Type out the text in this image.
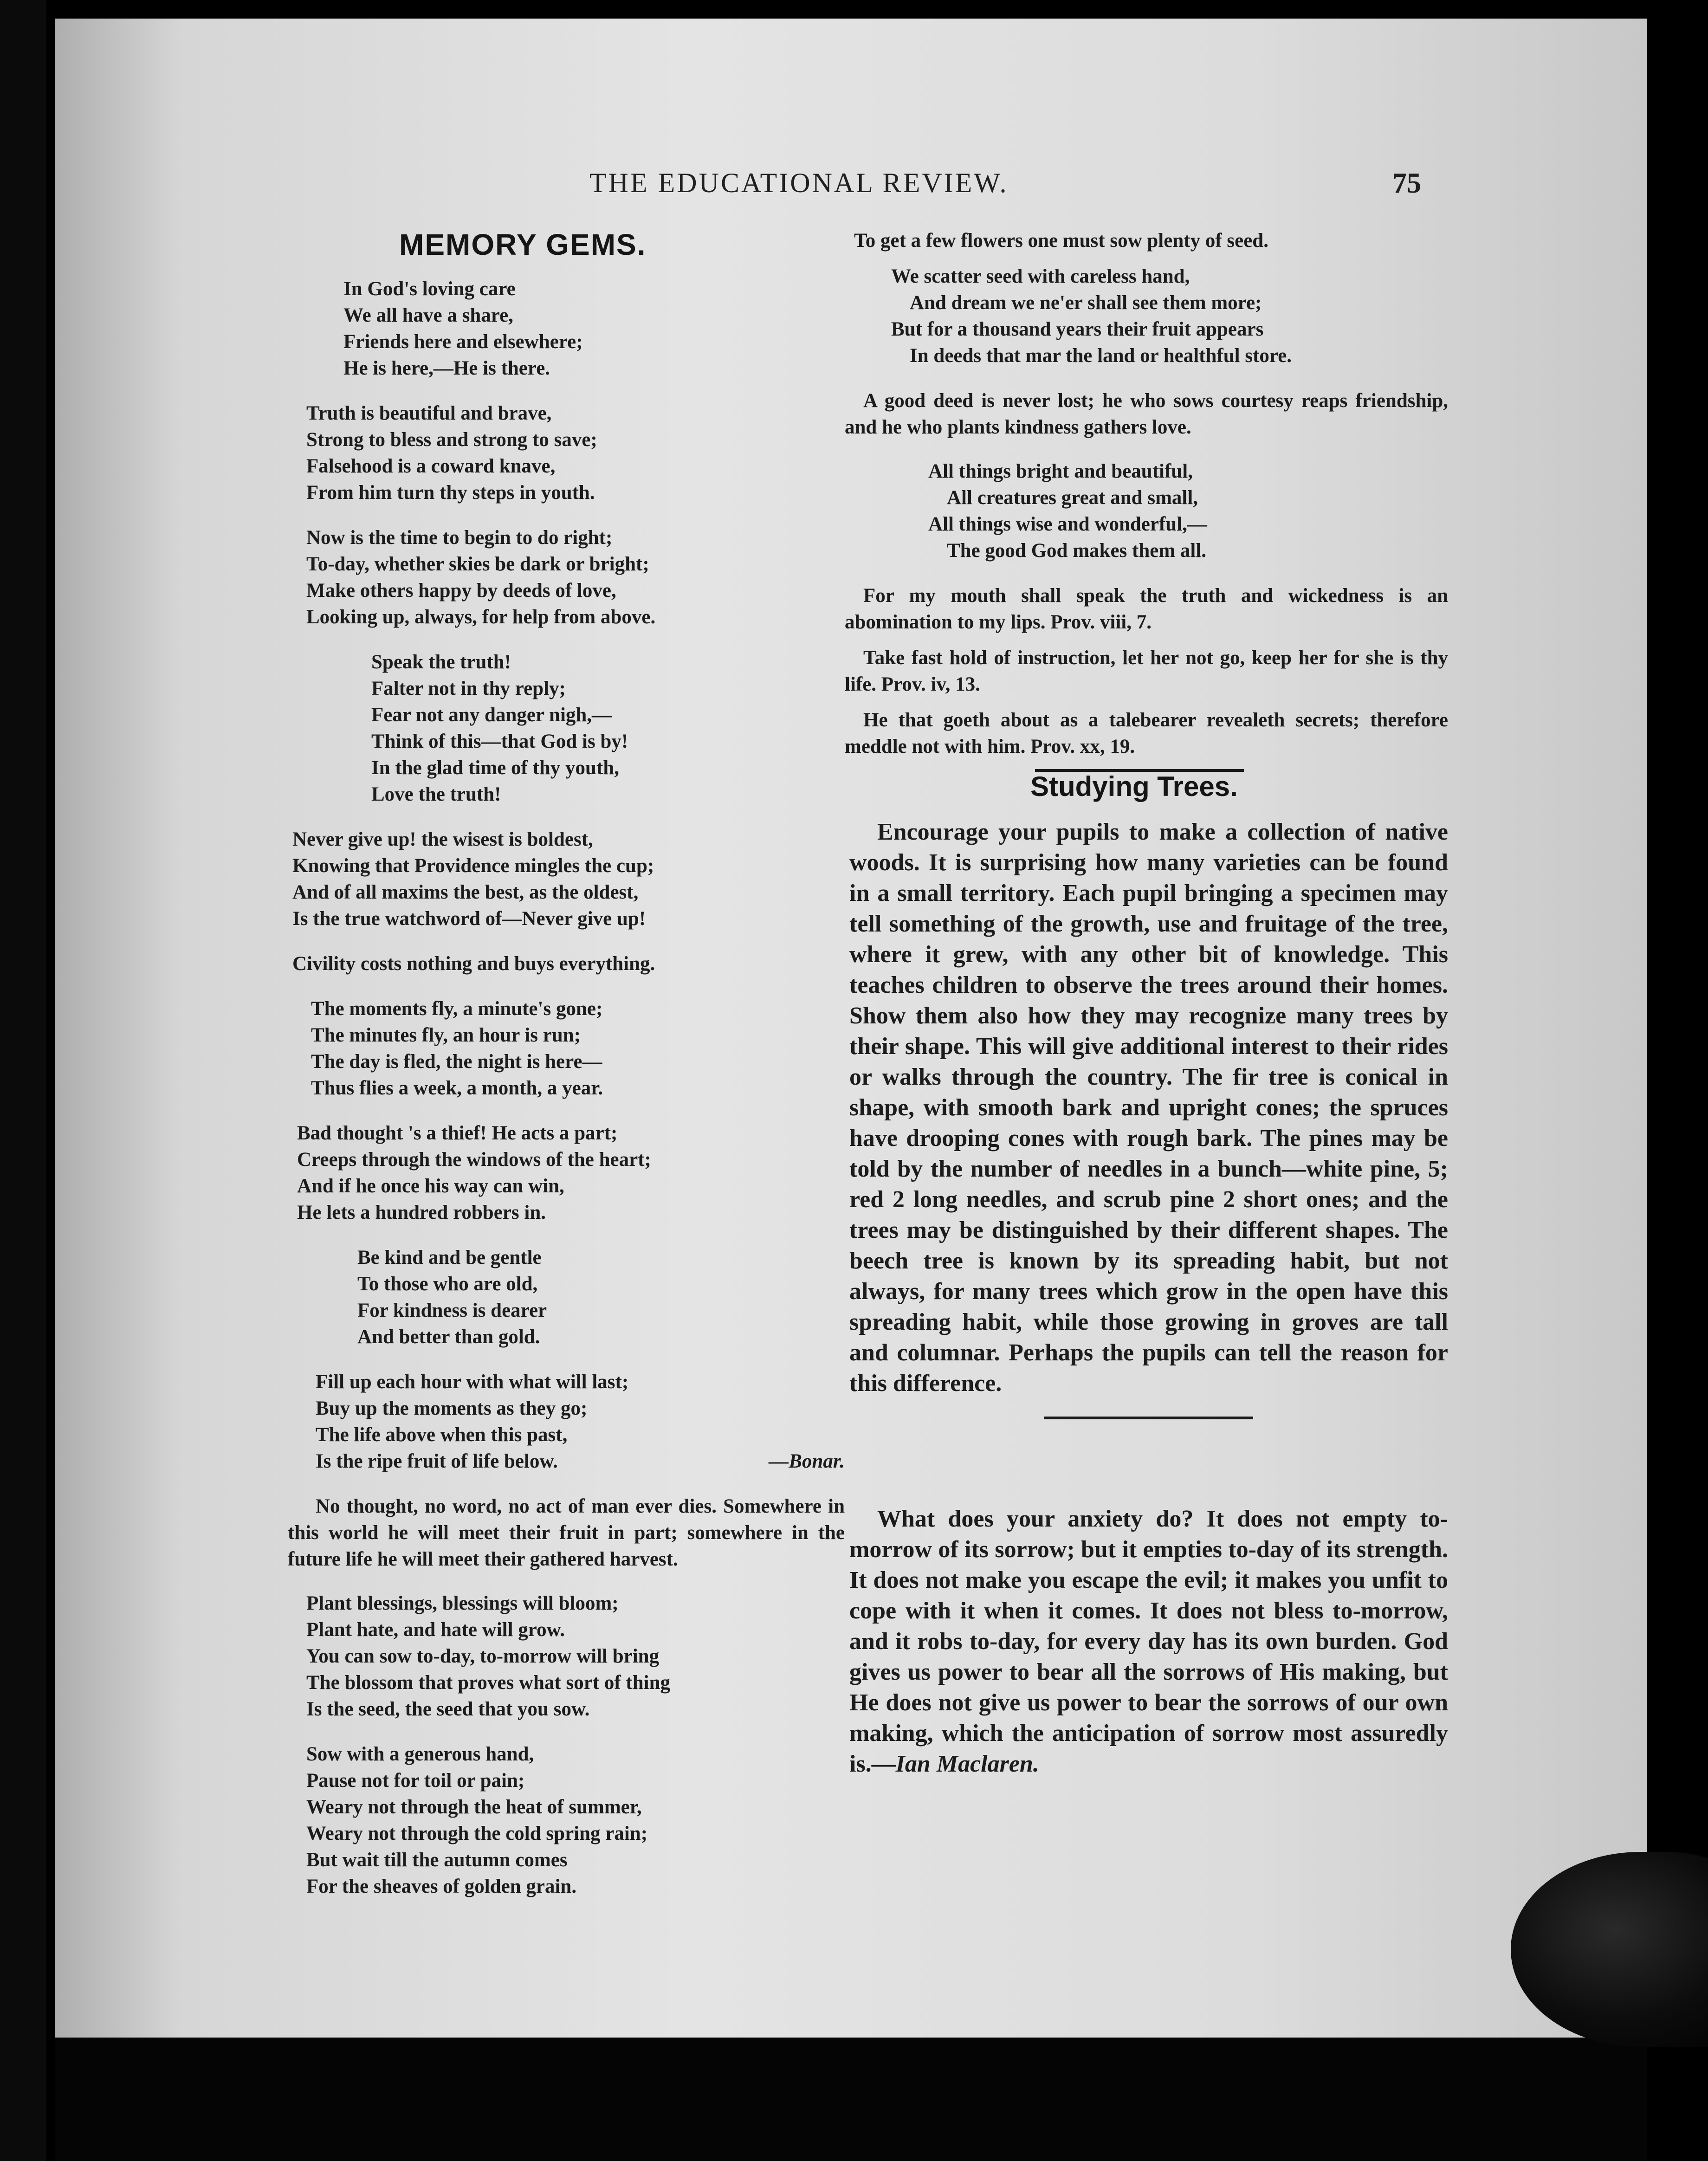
THE EDUCATIONAL REVIEW.	75
MEMORY GEMS.
In God's loving care
We all have a share,
Friends here and elsewhere;
He is here,—He is there.
Truth is beautiful and brave,
Strong to bless and strong to save;
Falsehood is a coward knave,
From him turn thy steps in youth.
Now is the time to begin to do right;
To-day, whether skies be dark or bright;
Make others happy by deeds of love,
Looking up, always, for help from above.
Speak the truth!
Falter not in thy reply;
Fear not any danger nigh,—
Think of this—that God is by!
In the glad time of thy youth,
Love the truth!
Never give up! the wisest is boldest,
Knowing that Providence mingles the cup;
And of all maxims the best, as the oldest,
Is the true watchword of—Never give up!
Civility costs nothing and buys everything.
The moments fly, a minute's gone;
The minutes fly, an hour is run;
The day is fled, the night is here—
Thus flies a week, a month, a year.
Bad thought 's a thief! He acts a part;
Creeps through the windows of the heart;
And if he once his way can win,
He lets a hundred robbers in.
Be kind and be gentle
To those who are old,
For kindness is dearer
And better than gold.
Fill up each hour with what will last;
Buy up the moments as they go;
The life above when this past,
Is the ripe fruit of life below.	—Bonar.
No thought, no word, no act of man ever dies. Somewhere in this world he will meet their fruit in part; somewhere in the future life he will meet their gathered harvest.
Plant blessings, blessings will bloom;
Plant hate, and hate will grow.
You can sow to-day, to-morrow will bring
The blossom that proves what sort of thing
Is the seed, the seed that you sow.
Sow with a generous hand,
Pause not for toil or pain;
Weary not through the heat of summer,
Weary not through the cold spring rain;
But wait till the autumn comes
For the sheaves of golden grain.
To get a few flowers one must sow plenty of seed.
We scatter seed with careless hand,
And dream we ne'er shall see them more;
But for a thousand years their fruit appears
In deeds that mar the land or healthful store.
A good deed is never lost; he who sows courtesy reaps friendship, and he who plants kindness gathers love.
All things bright and beautiful,
All creatures great and small,
All things wise and wonderful,—
The good God makes them all.
For my mouth shall speak the truth and wickedness is an abomination to my lips. Prov. viii, 7.
Take fast hold of instruction, let her not go, keep her for she is thy life. Prov. iv, 13.
He that goeth about as a talebearer revealeth secrets; therefore meddle not with him. Prov. xx, 19.
Studying Trees.
Encourage your pupils to make a collection of native woods. It is surprising how many varieties can be found in a small territory. Each pupil bringing a specimen may tell something of the growth, use and fruitage of the tree, where it grew, with any other bit of knowledge. This teaches children to observe the trees around their homes. Show them also how they may recognize many trees by their shape. This will give additional interest to their rides or walks through the country. The fir tree is conical in shape, with smooth bark and upright cones; the spruces have drooping cones with rough bark. The pines may be told by the number of needles in a bunch—white pine, 5; red 2 long needles, and scrub pine 2 short ones; and the trees may be distinguished by their different shapes. The beech tree is known by its spreading habit, but not always, for many trees which grow in the open have this spreading habit, while those growing in groves are tall and columnar. Perhaps the pupils can tell the reason for this difference.
What does your anxiety do? It does not empty to-morrow of its sorrow; but it empties to-day of its strength. It does not make you escape the evil; it makes you unfit to cope with it when it comes. It does not bless to-morrow, and it robs to-day, for every day has its own burden. God gives us power to bear all the sorrows of His making, but He does not give us power to bear the sorrows of our own making, which the anticipation of sorrow most assuredly is.—Ian Maclaren.
